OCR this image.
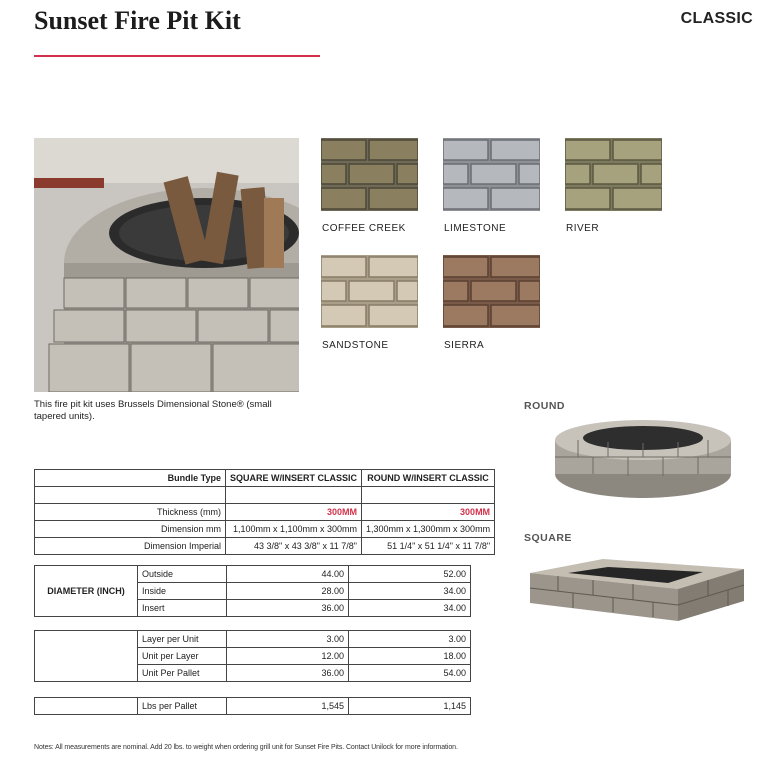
Sunset Fire Pit Kit	CLASSIC
This fire pit kit uses Brussels Dimensional Stone® (small tapered units).
COFFEE CREEK	LIMESTONE	RIVER
SANDSTONE	SIERRA
ROUND
SQUARE
	Bundle Type	SQUARE W/INSERT CLASSIC	ROUND W/INSERT CLASSIC

Thickness (mm)		300MM	300MM
Dimension mm		1,100mm x 1,100mm x 300mm	1,300mm x 1,300mm x 300mm
Dimension Imperial		43 3/8" x 43 3/8" x 11 7/8"	51 1/4" x 51 1/4" x 11 7/8"
DIAMETER (INCH)	Outside	44.00	52.00
	Inside	28.00	34.00
	Insert	36.00	34.00
	Layer per Unit	3.00	3.00
	Unit per Layer	12.00	18.00
	Unit Per Pallet	36.00	54.00
	Lbs per Pallet	1,545	1,145
Notes: All measurements are nominal. Add 20 lbs. to weight when ordering grill unit for Sunset Fire Pits. Contact Unilock for more information.
